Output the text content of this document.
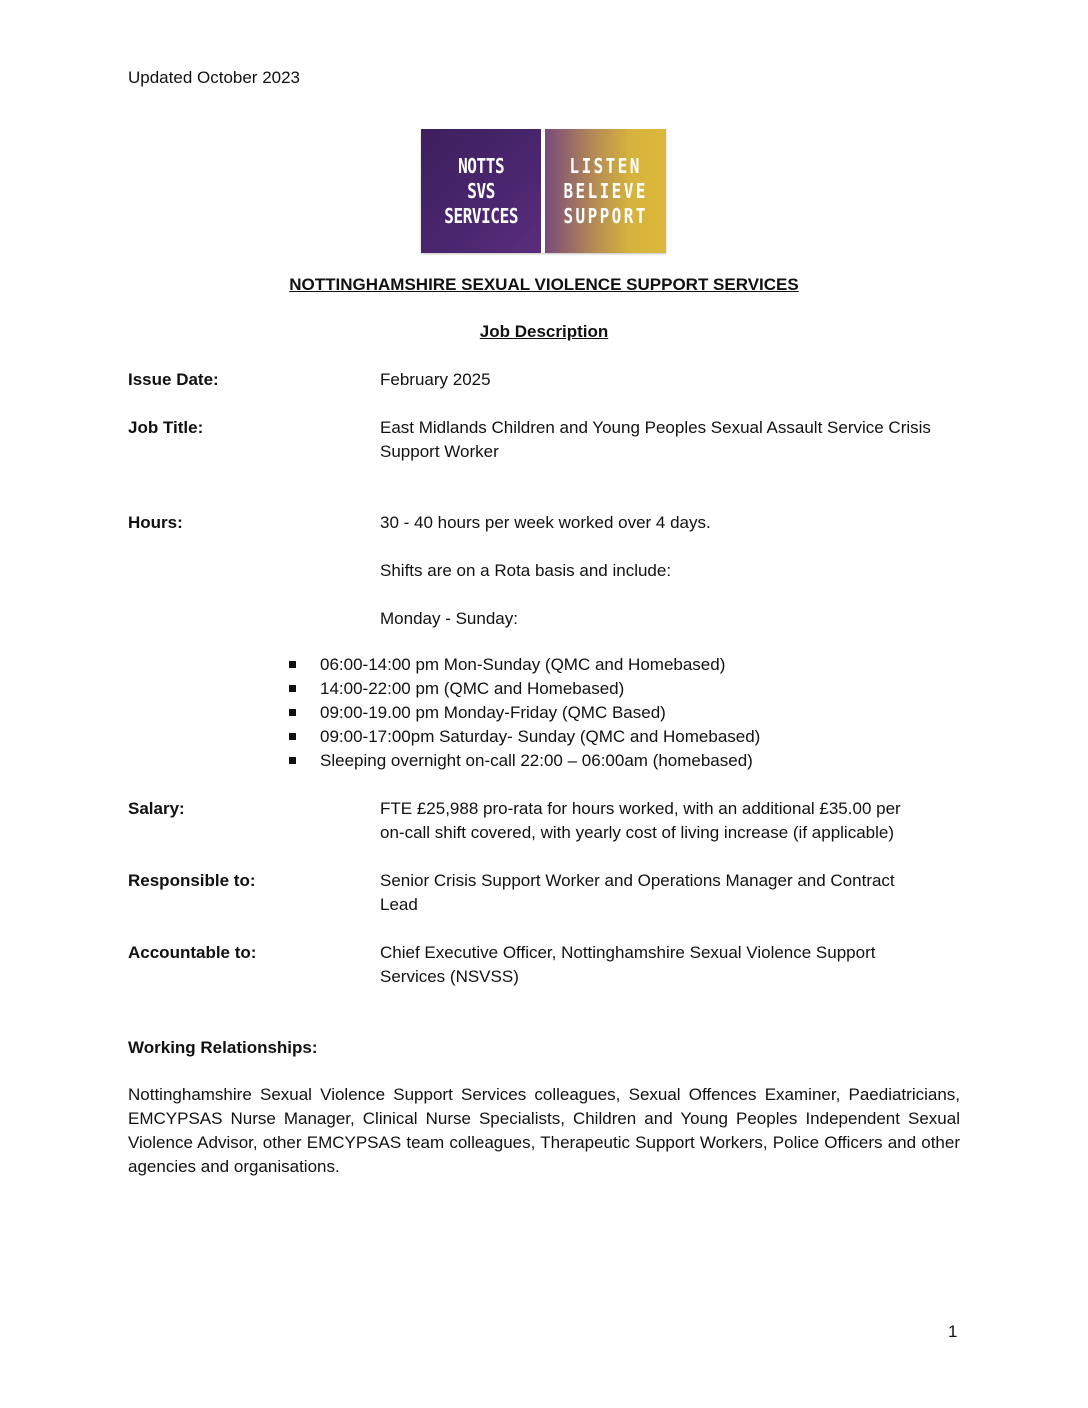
Updated October 2023
NOTTS
SVS
SERVICES
LISTEN
BELIEVE
SUPPORT
NOTTINGHAMSHIRE SEXUAL VIOLENCE SUPPORT SERVICES
Job Description
Issue Date:	February 2025
Job Title:	East Midlands Children and Young Peoples Sexual Assault Service Crisis
Support Worker
Hours:	30 - 40 hours per week worked over 4 days.
Shifts are on a Rota basis and include:
Monday - Sunday:
06:00-14:00 pm Mon-Sunday (QMC and Homebased)
14:00-22:00 pm (QMC and Homebased)
09:00-19.00 pm Monday-Friday (QMC Based)
09:00-17:00pm Saturday- Sunday (QMC and Homebased)
Sleeping overnight on-call 22:00 – 06:00am (homebased)
Salary:	FTE £25,988 pro-rata for hours worked, with an additional £35.00 per
on-call shift covered, with yearly cost of living increase (if applicable)
Responsible to:	Senior Crisis Support Worker and Operations Manager and Contract
Lead
Accountable to:	Chief Executive Officer, Nottinghamshire Sexual Violence Support
Services (NSVSS)
Working Relationships:
Nottinghamshire Sexual Violence Support Services colleagues, Sexual Offences Examiner, Paediatricians, EMCYPSAS Nurse Manager, Clinical Nurse Specialists, Children and Young Peoples Independent Sexual Violence Advisor, other EMCYPSAS team colleagues, Therapeutic Support Workers, Police Officers and other agencies and organisations.
1
